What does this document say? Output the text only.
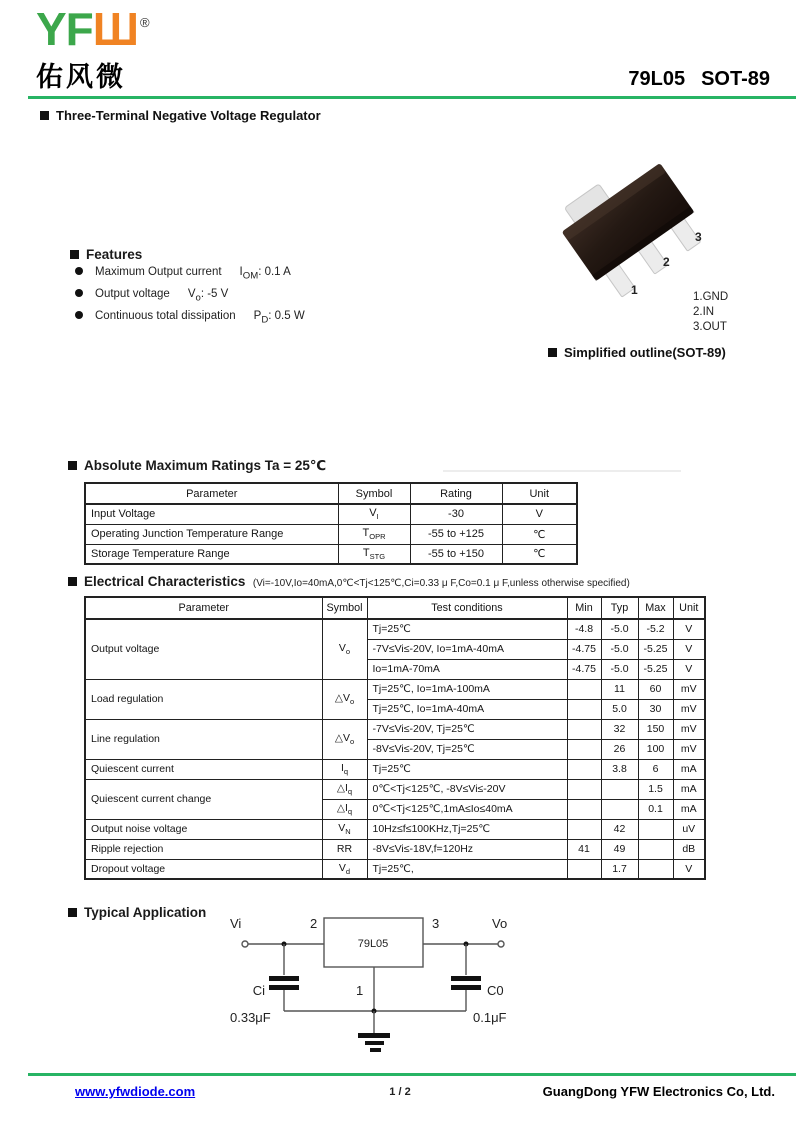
YFШ ®
佑风微	79L05 SOT-89
Three-Terminal Negative Voltage Regulator
Features
Maximum Output current $I_{OM}$: 0.1 A
Output voltage $V_o$: -5 V
Continuous total dissipation $P_D$: 0.5 W
1
2
3
1.GND
2.IN
3.OUT
Simplified outline(SOT-89)
Absolute Maximum Ratings Ta = 25℃
Parameter	Symbol	Rating	Unit
Input Voltage	$V_I$	-30	V
Operating Junction Temperature Range	$T_{OPR}$	-55 to +125	℃
Storage Temperature Range	$T_{STG}$	-55 to +150	℃
Electrical Characteristics (Vi=-10V,Io=40mA,0℃<Tj<125℃,Ci=0.33 μ F,Co=0.1 μ F,unless otherwise specified)
Parameter	Symbol	Test conditions	Min	Typ	Max	Unit
Output voltage	$V_o$	Tj=25℃	-4.8	-5.0	-5.2	V
		-7V≤Vi≤-20V, Io=1mA-40mA	-4.75	-5.0	-5.25	V
		Io=1mA-70mA	-4.75	-5.0	-5.25	V
Load regulation	$\triangle V_o$	Tj=25℃, Io=1mA-100mA		11	60	mV
		Tj=25℃, Io=1mA-40mA		5.0	30	mV
Line regulation	$\triangle V_o$	-7V≤Vi≤-20V, Tj=25℃		32	150	mV
		-8V≤Vi≤-20V, Tj=25℃		26	100	mV
Quiescent current	$I_q$	Tj=25℃		3.8	6	mA
Quiescent current change	$\triangle I_q$	0℃<Tj<125℃, -8V≤Vi≤-20V			1.5	mA
	$\triangle I_q$	0℃<Tj<125℃,1mA≤Io≤40mA			0.1	mA
Output noise voltage	$V_N$	10Hz≤f≤100KHz,Tj=25℃		42		uV
Ripple rejection	RR	-8V≤Vi≤-18V,f=120Hz	41	49		dB
Dropout voltage	$V_d$	Tj=25℃,		1.7		V
Typical Application
Vi	2	3	Vo
79L05
Ci
0.33μF
1	C0
0.1μF
www.yfwdiode.com	1 / 2	GuangDong YFW Electronics Co, Ltd.
